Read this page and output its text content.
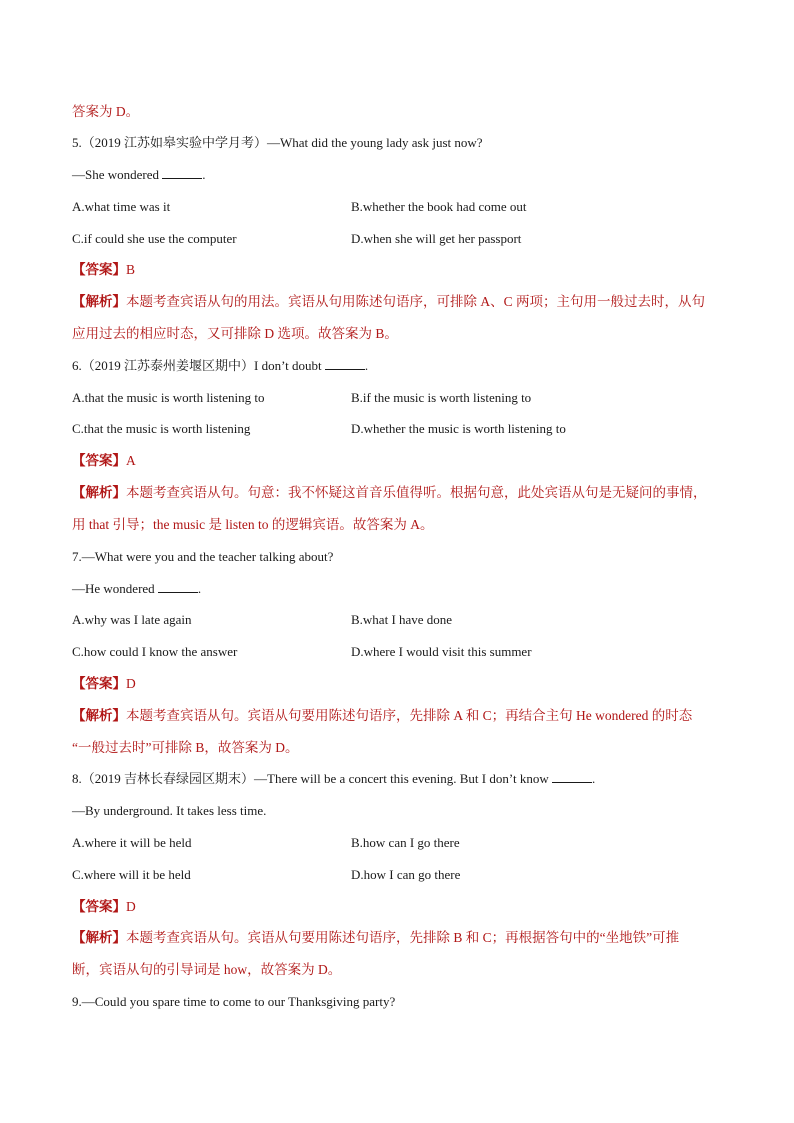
答案为 D。
5.（2019 江苏如皋实验中学月考）—What did the young lady ask just now?
—She wondered	.
A.what time was it	B.whether the book had come out
C.if could she use the computer	D.when she will get her passport
【答案】B
【解析】本题考查宾语从句的用法。宾语从句用陈述句语序，可排除 A、C 两项；主句用一般过去时，从句
应用过去的相应时态，又可排除 D 选项。故答案为 B。
6.（2019 江苏泰州姜堰区期中）I don’t doubt	.
A.that the music is worth listening to	B.if the music is worth listening to
C.that the music is worth listening	D.whether the music is worth listening to
【答案】A
【解析】本题考查宾语从句。句意：我不怀疑这首音乐值得听。根据句意，此处宾语从句是无疑问的事情，
用 that 引导；the music 是 listen to 的逻辑宾语。故答案为 A。
7.—What were you and the teacher talking about?
—He wondered	.
A.why was I late again	B.what I have done
C.how could I know the answer	D.where I would visit this summer
【答案】D
【解析】本题考查宾语从句。宾语从句要用陈述句语序，先排除 A 和 C；再结合主句 He wondered 的时态
“一般过去时”可排除 B，故答案为 D。
8.（2019 吉林长春绿园区期末）—There will be a concert this evening. But I don’t know	.
—By underground. It takes less time.
A.where it will be held	B.how can I go there
C.where will it be held	D.how I can go there
【答案】D
【解析】本题考查宾语从句。宾语从句要用陈述句语序，先排除 B 和 C；再根据答句中的“坐地铁”可推
断，宾语从句的引导词是 how，故答案为 D。
9.—Could you spare time to come to our Thanksgiving party?
